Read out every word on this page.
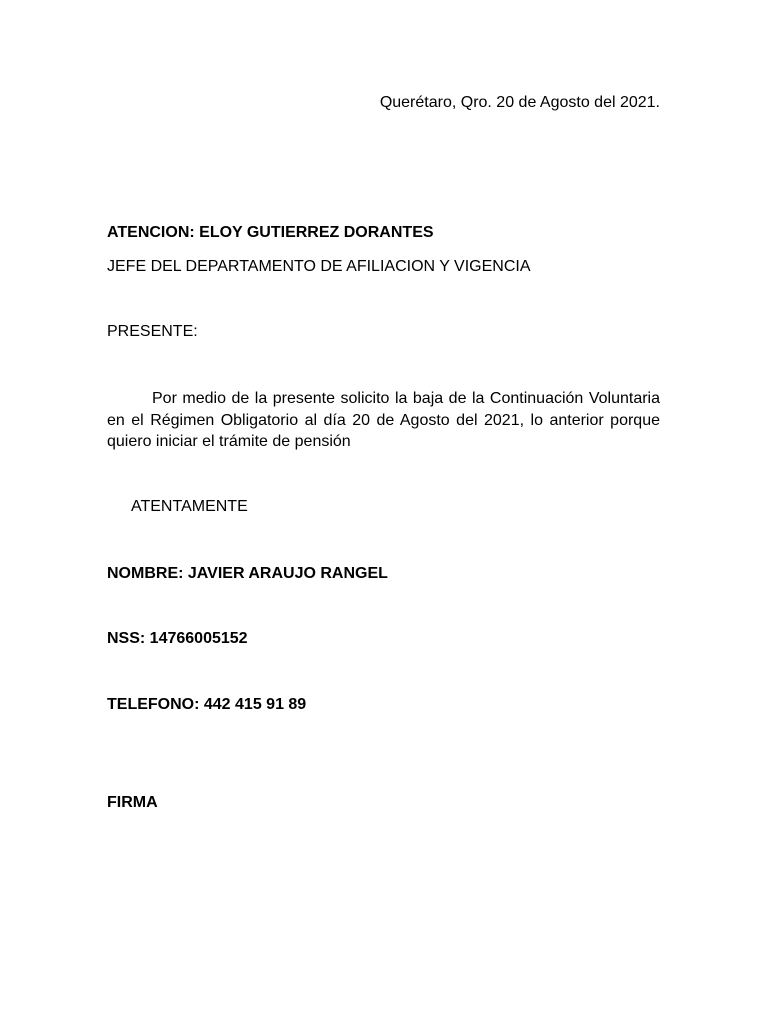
Querétaro, Qro. 20 de Agosto del 2021.
ATENCION: ELOY GUTIERREZ DORANTES
JEFE DEL DEPARTAMENTO DE AFILIACION Y VIGENCIA
PRESENTE:
Por medio de la presente solicito la baja de la Continuación Voluntaria en el Régimen Obligatorio al día 20 de Agosto del 2021, lo anterior porque quiero iniciar el trámite de pensión
ATENTAMENTE
NOMBRE: JAVIER ARAUJO RANGEL
NSS: 14766005152
TELEFONO: 442 415 91 89
FIRMA
